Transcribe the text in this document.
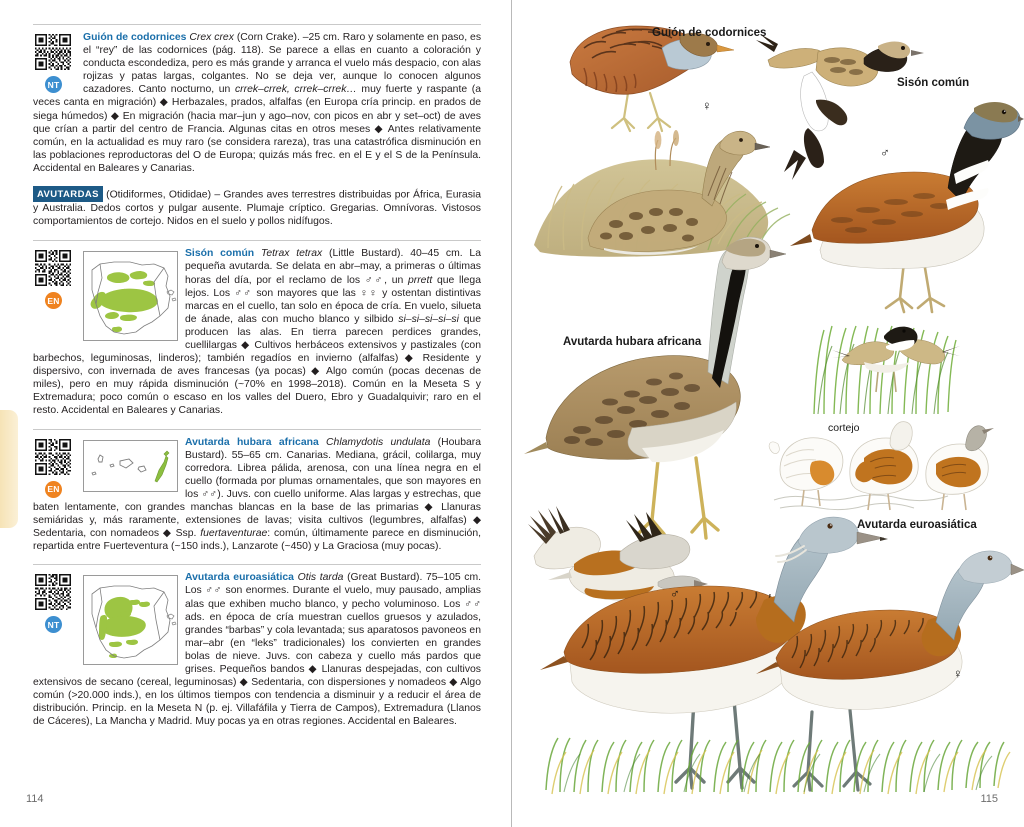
NT
Guión de codornices Crex crex (Corn Crake). –25 cm. Raro y solamente en paso, es el “rey” de las codornices (pág. 118). Se parece a ellas en cuanto a coloración y conducta escondediza, pero es más grande y arranca el vuelo más despacio, con alas rojizas y patas largas, colgantes. No se deja ver, aunque lo conocen algunos cazadores. Canto nocturno, un crrek–crrek, crrek–crrek… muy fuerte y raspante (a veces canta en migración) ◆ Herbazales, prados, alfalfas (en Europa cría princip. en prados de siega húmedos) ◆ En migración (hacia mar–jun y ago–nov, con picos en abr y set–oct) de aves que crían a partir del centro de Francia. Algunas citas en otros meses ◆ Antes relativamente común, en la actualidad es muy raro (se considera rareza), tras una catastrófica disminución en las poblaciones reproductoras del O de Europa; quizás más frec. en el E y el S de la Península. Accidental en Baleares y Canarias.
AVUTARDAS (Otidiformes, Otididae) – Grandes aves terrestres distribuidas por África, Eurasia y Australia. Dedos cortos y pulgar ausente. Plumaje críptico. Gregarias. Omnívoras. Vistosos comportamientos de cortejo. Nidos en el suelo y pollos nidífugos.
EN
Sisón común Tetrax tetrax (Little Bustard). 40–45 cm. La pequeña avutarda. Se delata en abr–may, a primeras o últimas horas del día, por el reclamo de los ♂♂, un prrett que llega lejos. Los ♂♂ son mayores que las ♀♀ y ostentan distintivas marcas en el cuello, tan solo en época de cría. En vuelo, silueta de ánade, alas con mucho blanco y silbido si–si–si–si–si que producen las alas. En tierra parecen perdices grandes, cuellilargas ◆ Cultivos herbáceos extensivos y pastizales (con barbechos, leguminosas, linderos); también regadíos en invierno (alfalfas) ◆ Residente y dispersivo, con invernada de aves francesas (ya pocas) ◆ Algo común (pocas decenas de miles), pero en muy rápida disminución (~70% en 1998–2018). Común en la Meseta S y Extremadura; poco común o escaso en los valles del Duero, Ebro y Guadalquivir; raro en el resto. Accidental en Baleares y Canarias.
EN
Avutarda hubara africana Chlamydotis undulata (Houbara Bustard). 55–65 cm. Canarias. Mediana, grácil, colilarga, muy corredora. Librea pálida, arenosa, con una línea negra en el cuello (formada por plumas ornamentales, que son mayores en los ♂♂). Juvs. con cuello uniforme. Alas largas y estrechas, que baten lentamente, con grandes manchas blancas en la base de las primarias ◆ Llanuras semiáridas y, más raramente, extensiones de lavas; visita cultivos (legumbres, alfalfas) ◆ Sedentaria, con nomadeos ◆ Ssp. fuertaventurae: común, últimamente parece en disminución, repartida entre Fuerteventura (~150 inds.), Lanzarote (~450) y La Graciosa (muy pocas).
NT
Avutarda euroasiática Otis tarda (Great Bustard). 75–105 cm. Los ♂♂ son enormes. Durante el vuelo, muy pausado, amplias alas que exhiben mucho blanco, y pecho voluminoso. Los ♂♂ ads. en época de cría muestran cuellos gruesos y azulados, grandes “barbas” y cola levantada; sus aparatosos pavoneos en mar–abr (en “leks” tradicionales) los convierten en grandes bolas de nieve. Juvs. con cabeza y cuello más pardos que grises. Pequeños bandos ◆ Llanuras despejadas, con cultivos extensivos de secano (cereal, leguminosas) ◆ Sedentaria, con dispersiones y nomadeos ◆ Algo común (>20.000 inds.), en los últimos tiempos con tendencia a disminuir y a reducir el área de distribución. Princip. en la Meseta N (p. ej. Villafáfila y Tierra de Campos), Extremadura (Llanos de Cáceres), La Mancha y Madrid. Muy pocas ya en otras regiones. Accidental en Baleares.
114
Guión de codornices
♀
♂
Sisón común
Avutarda hubara africana
cortejo
♂
♀
Avutarda euroasiática
115
